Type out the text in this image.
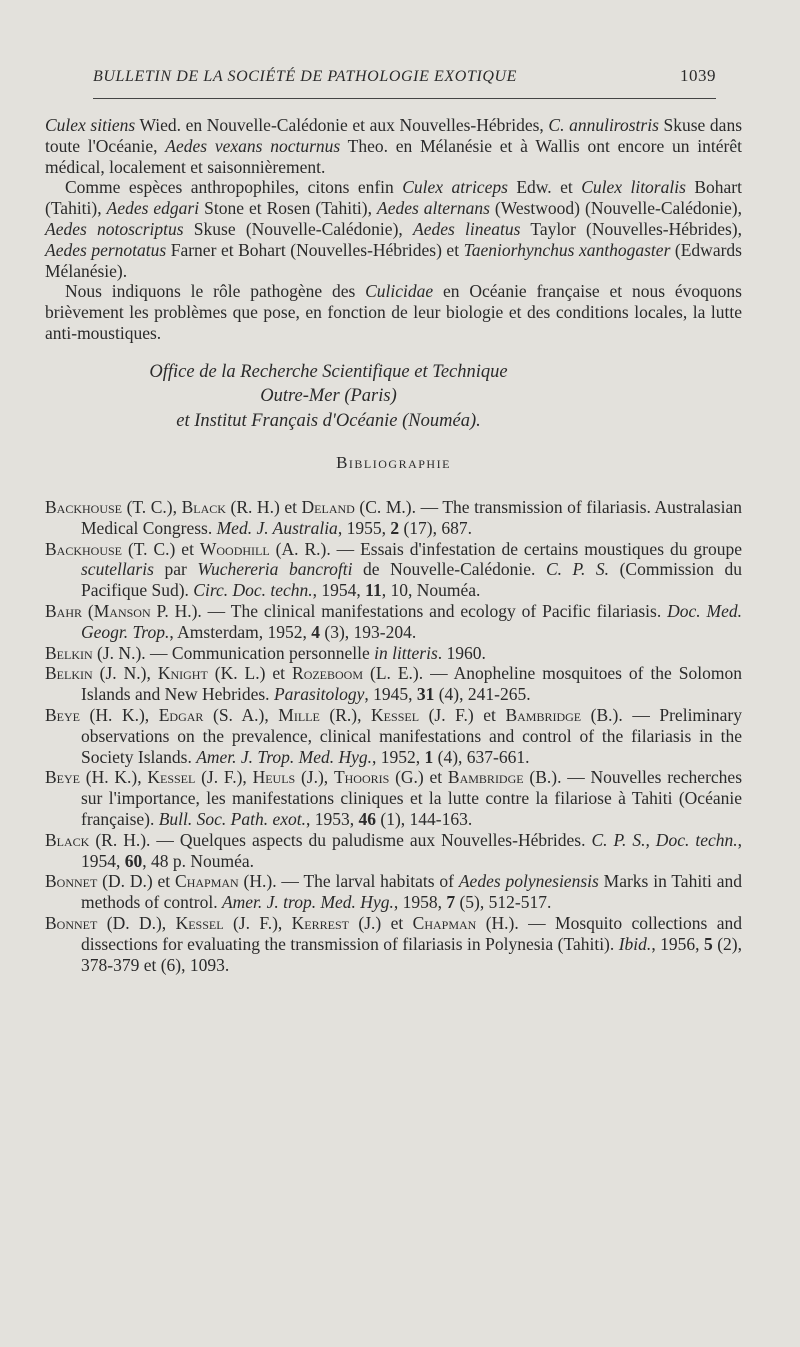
BULLETIN DE LA SOCIÉTÉ DE PATHOLOGIE EXOTIQUE	1039

Culex sitiens Wied. en Nouvelle-Calédonie et aux Nouvelles-Hébrides, C. annulirostris Skuse dans toute l'Océanie, Aedes vexans nocturnus Theo. en Mélanésie et à Wallis ont encore un intérêt médical, localement et saisonnièrement.

Comme espèces anthropophiles, citons enfin Culex atriceps Edw. et Culex litoralis Bohart (Tahiti), Aedes edgari Stone et Rosen (Tahiti), Aedes alternans (Westwood) (Nouvelle-Calédonie), Aedes notoscriptus Skuse (Nouvelle-Calédonie), Aedes lineatus Taylor (Nouvelles-Hébrides), Aedes pernotatus Farner et Bohart (Nouvelles-Hébrides) et Taeniorhynchus xanthogaster (Edwards Mélanésie).

Nous indiquons le rôle pathogène des Culicidae en Océanie française et nous évoquons brièvement les problèmes que pose, en fonction de leur biologie et des conditions locales, la lutte anti-moustiques.

Office de la Recherche Scientifique et Technique
Outre-Mer (Paris)
et Institut Français d'Océanie (Nouméa).
Bibliographie

Backhouse (T. C.), Black (R. H.) et Deland (C. M.). — The transmission of filariasis. Australasian Medical Congress. Med. J. Australia, 1955, 2 (17), 687.

Backhouse (T. C.) et Woodhill (A. R.). — Essais d'infestation de certains moustiques du groupe scutellaris par Wuchereria bancrofti de Nouvelle-Calédonie. C. P. S. (Commission du Pacifique Sud). Circ. Doc. techn., 1954, 11, 10, Nouméa.

Bahr (Manson P. H.). — The clinical manifestations and ecology of Pacific filariasis. Doc. Med. Geogr. Trop., Amsterdam, 1952, 4 (3), 193-204.

Belkin (J. N.). — Communication personnelle in litteris. 1960.

Belkin (J. N.), Knight (K. L.) et Rozeboom (L. E.). — Anopheline mosquitoes of the Solomon Islands and New Hebrides. Parasitology, 1945, 31 (4), 241-265.

Beye (H. K.), Edgar (S. A.), Mille (R.), Kessel (J. F.) et Bambridge (B.). — Preliminary observations on the prevalence, clinical manifestations and control of the filariasis in the Society Islands. Amer. J. Trop. Med. Hyg., 1952, 1 (4), 637-661.

Beye (H. K.), Kessel (J. F.), Heuls (J.), Thooris (G.) et Bambridge (B.). — Nouvelles recherches sur l'importance, les manifestations cliniques et la lutte contre la filariose à Tahiti (Océanie française). Bull. Soc. Path. exot., 1953, 46 (1), 144-163.

Black (R. H.). — Quelques aspects du paludisme aux Nouvelles-Hébrides. C. P. S., Doc. techn., 1954, 60, 48 p. Nouméa.

Bonnet (D. D.) et Chapman (H.). — The larval habitats of Aedes polynesiensis Marks in Tahiti and methods of control. Amer. J. trop. Med. Hyg., 1958, 7 (5), 512-517.

Bonnet (D. D.), Kessel (J. F.), Kerrest (J.) et Chapman (H.). — Mosquito collections and dissections for evaluating the transmission of filariasis in Polynesia (Tahiti). Ibid., 1956, 5 (2), 378-379 et (6), 1093.
